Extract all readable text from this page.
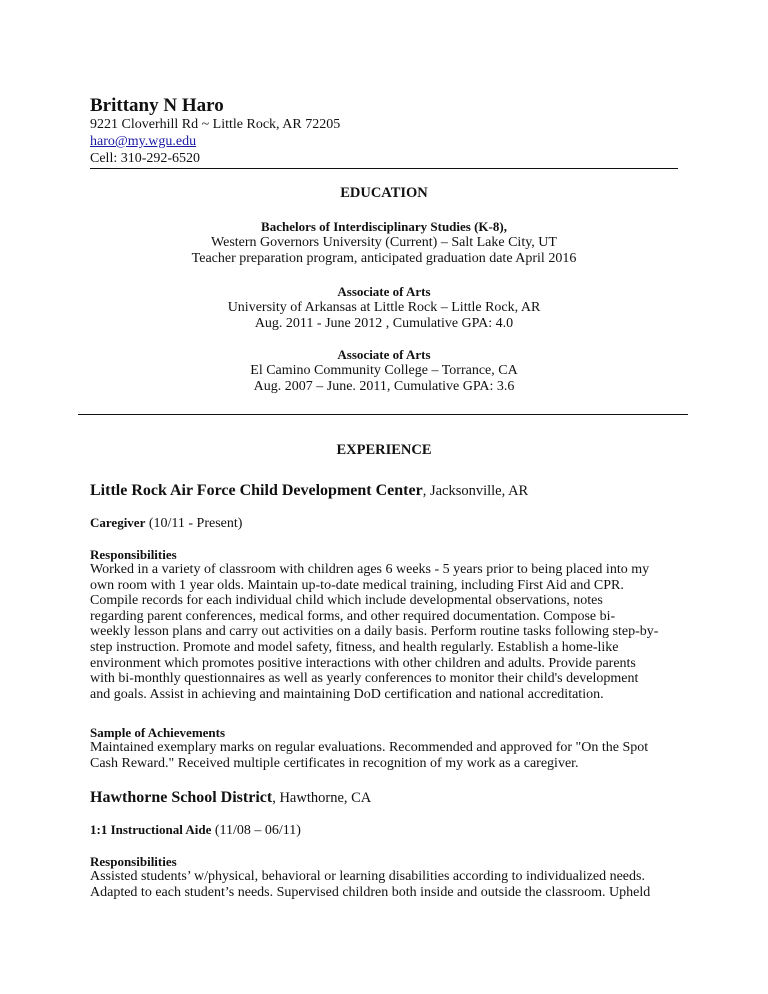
Brittany N Haro
9221 Cloverhill Rd ~ Little Rock, AR 72205
haro@my.wgu.edu
Cell: 310-292-6520
EDUCATION
Bachelors of Interdisciplinary Studies (K-8),
Western Governors University (Current) – Salt Lake City, UT
Teacher preparation program, anticipated graduation date April 2016
Associate of Arts
University of Arkansas at Little Rock – Little Rock, AR
Aug. 2011 - June 2012 , Cumulative GPA: 4.0
Associate of Arts
El Camino Community College – Torrance, CA
Aug. 2007 – June. 2011, Cumulative GPA: 3.6
EXPERIENCE
Little Rock Air Force Child Development Center, Jacksonville, AR
Caregiver (10/11 - Present)
Responsibilities
Worked in a variety of classroom with children ages 6 weeks - 5 years prior to being placed into my
own room with 1 year olds. Maintain up-to-date medical training, including First Aid and CPR.
Compile records for each individual child which include developmental observations, notes
regarding parent conferences, medical forms, and other required documentation. Compose bi-
weekly lesson plans and carry out activities on a daily basis. Perform routine tasks following step-by-
step instruction. Promote and model safety, fitness, and health regularly. Establish a home-like
environment which promotes positive interactions with other children and adults. Provide parents
with bi-monthly questionnaires as well as yearly conferences to monitor their child's development
and goals. Assist in achieving and maintaining DoD certification and national accreditation.
Sample of Achievements
Maintained exemplary marks on regular evaluations. Recommended and approved for "On the Spot
Cash Reward." Received multiple certificates in recognition of my work as a caregiver.
Hawthorne School District, Hawthorne, CA
1:1 Instructional Aide (11/08 – 06/11)
Responsibilities
Assisted students’ w/physical, behavioral or learning disabilities according to individualized needs.
Adapted to each student’s needs. Supervised children both inside and outside the classroom. Upheld
